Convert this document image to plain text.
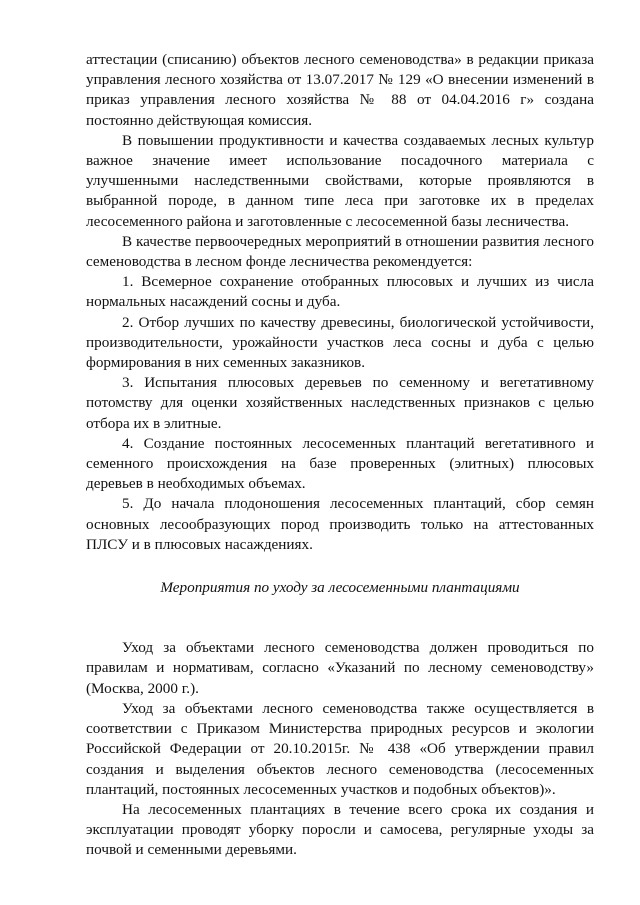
аттестации (списанию) объектов лесного семеноводства» в редакции приказа управления лесного хозяйства от 13.07.2017 № 129 «О внесении изменений в приказ управления лесного хозяйства № 88 от 04.04.2016 г» создана постоянно действующая комиссия.

В повышении продуктивности и качества создаваемых лесных культур важное значение имеет использование посадочного материала с улучшенными наследственными свойствами, которые проявляются в выбранной породе, в данном типе леса при заготовке их в пределах лесосеменного района и заготовленные с лесосеменной базы лесничества.

В качестве первоочередных мероприятий в отношении развития лесного семеноводства в лесном фонде лесничества рекомендуется:

1. Всемерное сохранение отобранных плюсовых и лучших из числа нормальных насаждений сосны и дуба.

2. Отбор лучших по качеству древесины, биологической устойчивости, производительности, урожайности участков леса сосны и дуба с целью формирования в них семенных заказников.

3. Испытания плюсовых деревьев по семенному и вегетативному потомству для оценки хозяйственных наследственных признаков с целью отбора их в элитные.

4. Создание постоянных лесосеменных плантаций вегетативного и семенного происхождения на базе проверенных (элитных) плюсовых деревьев в необходимых объемах.

5. До начала плодоношения лесосеменных плантаций, сбор семян основных лесообразующих пород производить только на аттестованных ПЛСУ и в плюсовых насаждениях.

Мероприятия по уходу за лесосеменными плантациями

Уход за объектами лесного семеноводства должен проводиться по правилам и нормативам, согласно «Указаний по лесному семеноводству» (Москва, 2000 г.).

Уход за объектами лесного семеноводства также осуществляется в соответствии с Приказом Министерства природных ресурсов и экологии Российской Федерации от 20.10.2015г. № 438 «Об утверждении правил создания и выделения объектов лесного семеноводства (лесосеменных плантаций, постоянных лесосеменных участков и подобных объектов)».

На лесосеменных плантациях в течение всего срока их создания и эксплуатации проводят уборку поросли и самосева, регулярные уходы за почвой и семенными деревьями.
